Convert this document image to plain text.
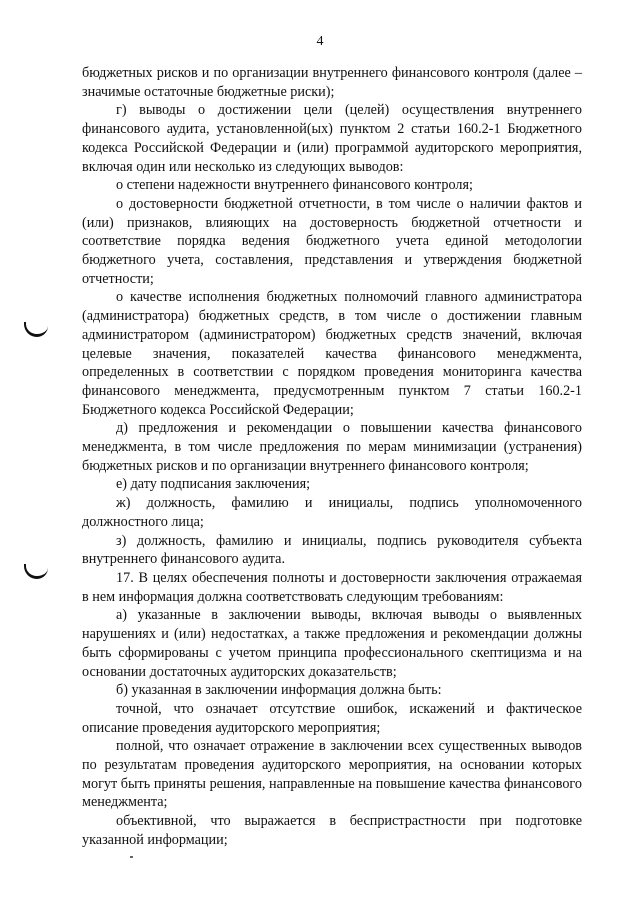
4

бюджетных рисков и по организации внутреннего финансового контроля (далее – значимые остаточные бюджетные риски);

г) выводы о достижении цели (целей) осуществления внутреннего финансового аудита, установленной(ых) пунктом 2 статьи 160.2-1 Бюджетного кодекса Российской Федерации и (или) программой аудиторского мероприятия, включая один или несколько из следующих выводов:

о степени надежности внутреннего финансового контроля;

о достоверности бюджетной отчетности, в том числе о наличии фактов и (или) признаков, влияющих на достоверность бюджетной отчетности и соответствие порядка ведения бюджетного учета единой методологии бюджетного учета, составления, представления и утверждения бюджетной отчетности;

о качестве исполнения бюджетных полномочий главного администратора (администратора) бюджетных средств, в том числе о достижении главным администратором (администратором) бюджетных средств значений, включая целевые значения, показателей качества финансового менеджмента, определенных в соответствии с порядком проведения мониторинга качества финансового менеджмента, предусмотренным пунктом 7 статьи 160.2-1 Бюджетного кодекса Российской Федерации;

д) предложения и рекомендации о повышении качества финансового менеджмента, в том числе предложения по мерам минимизации (устранения) бюджетных рисков и по организации внутреннего финансового контроля;

е) дату подписания заключения;

ж) должность, фамилию и инициалы, подпись уполномоченного должностного лица;

з) должность, фамилию и инициалы, подпись руководителя субъекта внутреннего финансового аудита.

17. В целях обеспечения полноты и достоверности заключения отражаемая в нем информация должна соответствовать следующим требованиям:

а) указанные в заключении выводы, включая выводы о выявленных нарушениях и (или) недостатках, а также предложения и рекомендации должны быть сформированы с учетом принципа профессионального скептицизма и на основании достаточных аудиторских доказательств;

б) указанная в заключении информация должна быть:

точной, что означает отсутствие ошибок, искажений и фактическое описание проведения аудиторского мероприятия;

полной, что означает отражение в заключении всех существенных выводов по результатам проведения аудиторского мероприятия, на основании которых могут быть приняты решения, направленные на повышение качества финансового менеджмента;

объективной, что выражается в беспристрастности при подготовке указанной информации;
